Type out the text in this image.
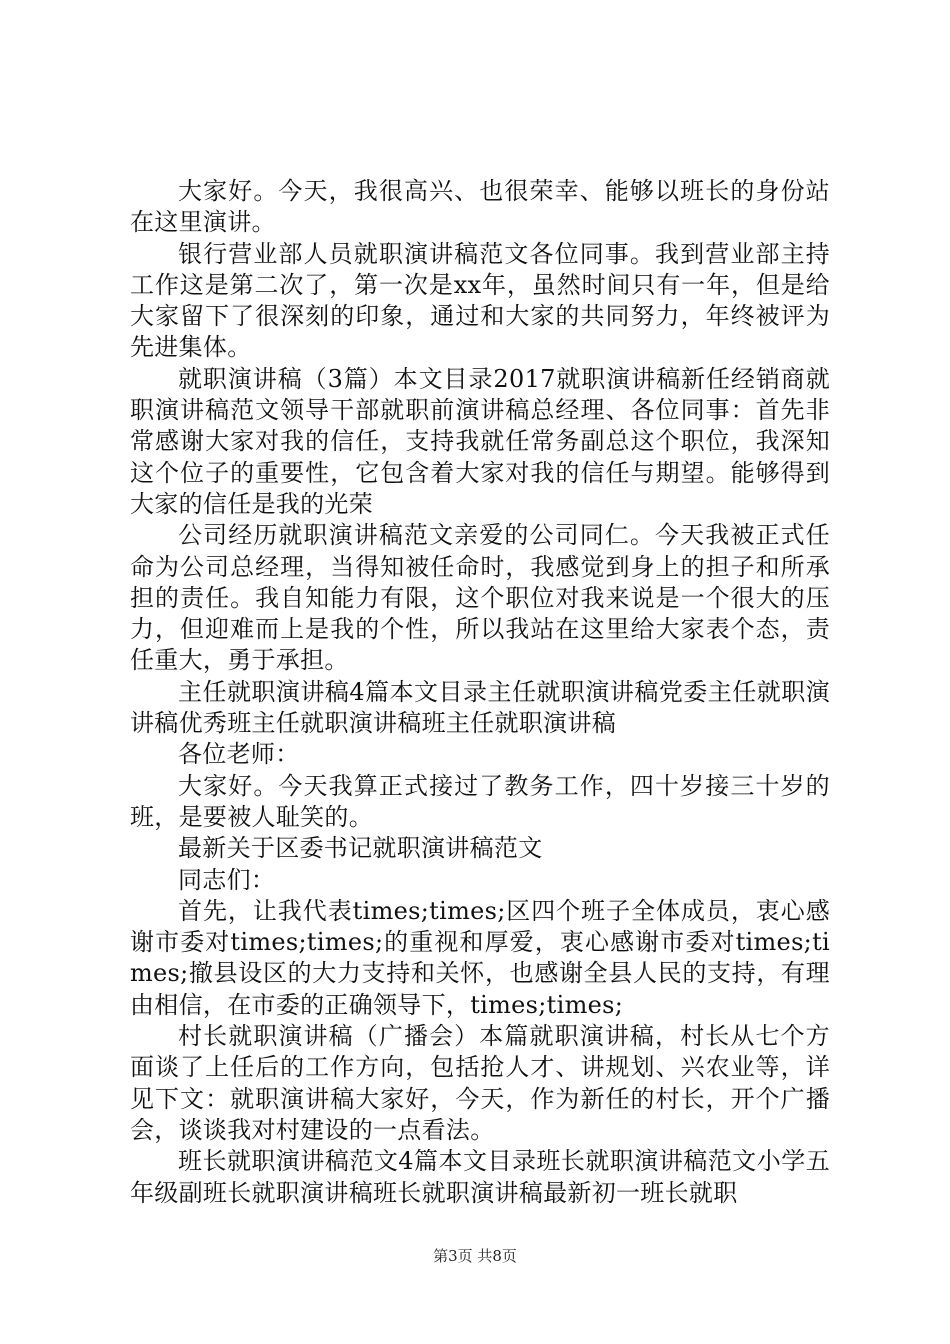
大家好。今天，我很高兴、也很荣幸、能够以班长的身份站在这里演讲。

银行营业部人员就职演讲稿范文各位同事。我到营业部主持工作这是第二次了，第一次是xx年，虽然时间只有一年，但是给大家留下了很深刻的印象，通过和大家的共同努力，年终被评为先进集体。

就职演讲稿（3篇）本文目录2017就职演讲稿新任经销商就职演讲稿范文领导干部就职前演讲稿总经理、各位同事：首先非常感谢大家对我的信任，支持我就任常务副总这个职位，我深知这个位子的重要性，它包含着大家对我的信任与期望。能够得到大家的信任是我的光荣

公司经历就职演讲稿范文亲爱的公司同仁。今天我被正式任命为公司总经理，当得知被任命时，我感觉到身上的担子和所承担的责任。我自知能力有限，这个职位对我来说是一个很大的压力，但迎难而上是我的个性，所以我站在这里给大家表个态，责任重大，勇于承担。

主任就职演讲稿4篇本文目录主任就职演讲稿党委主任就职演讲稿优秀班主任就职演讲稿班主任就职演讲稿

各位老师：

大家好。今天我算正式接过了教务工作，四十岁接三十岁的班，是要被人耻笑的。

最新关于区委书记就职演讲稿范文

同志们：

首先，让我代表times;times;区四个班子全体成员，衷心感谢市委对times;times;的重视和厚爱，衷心感谢市委对times;times;撤县设区的大力支持和关怀，也感谢全县人民的支持，有理由相信，在市委的正确领导下，times;times;

村长就职演讲稿（广播会）本篇就职演讲稿，村长从七个方面谈了上任后的工作方向，包括抢人才、讲规划、兴农业等，详见下文：就职演讲稿大家好，今天，作为新任的村长，开个广播会，谈谈我对村建设的一点看法。

班长就职演讲稿范文4篇本文目录班长就职演讲稿范文小学五年级副班长就职演讲稿班长就职演讲稿最新初一班长就职

第3页 共8页
